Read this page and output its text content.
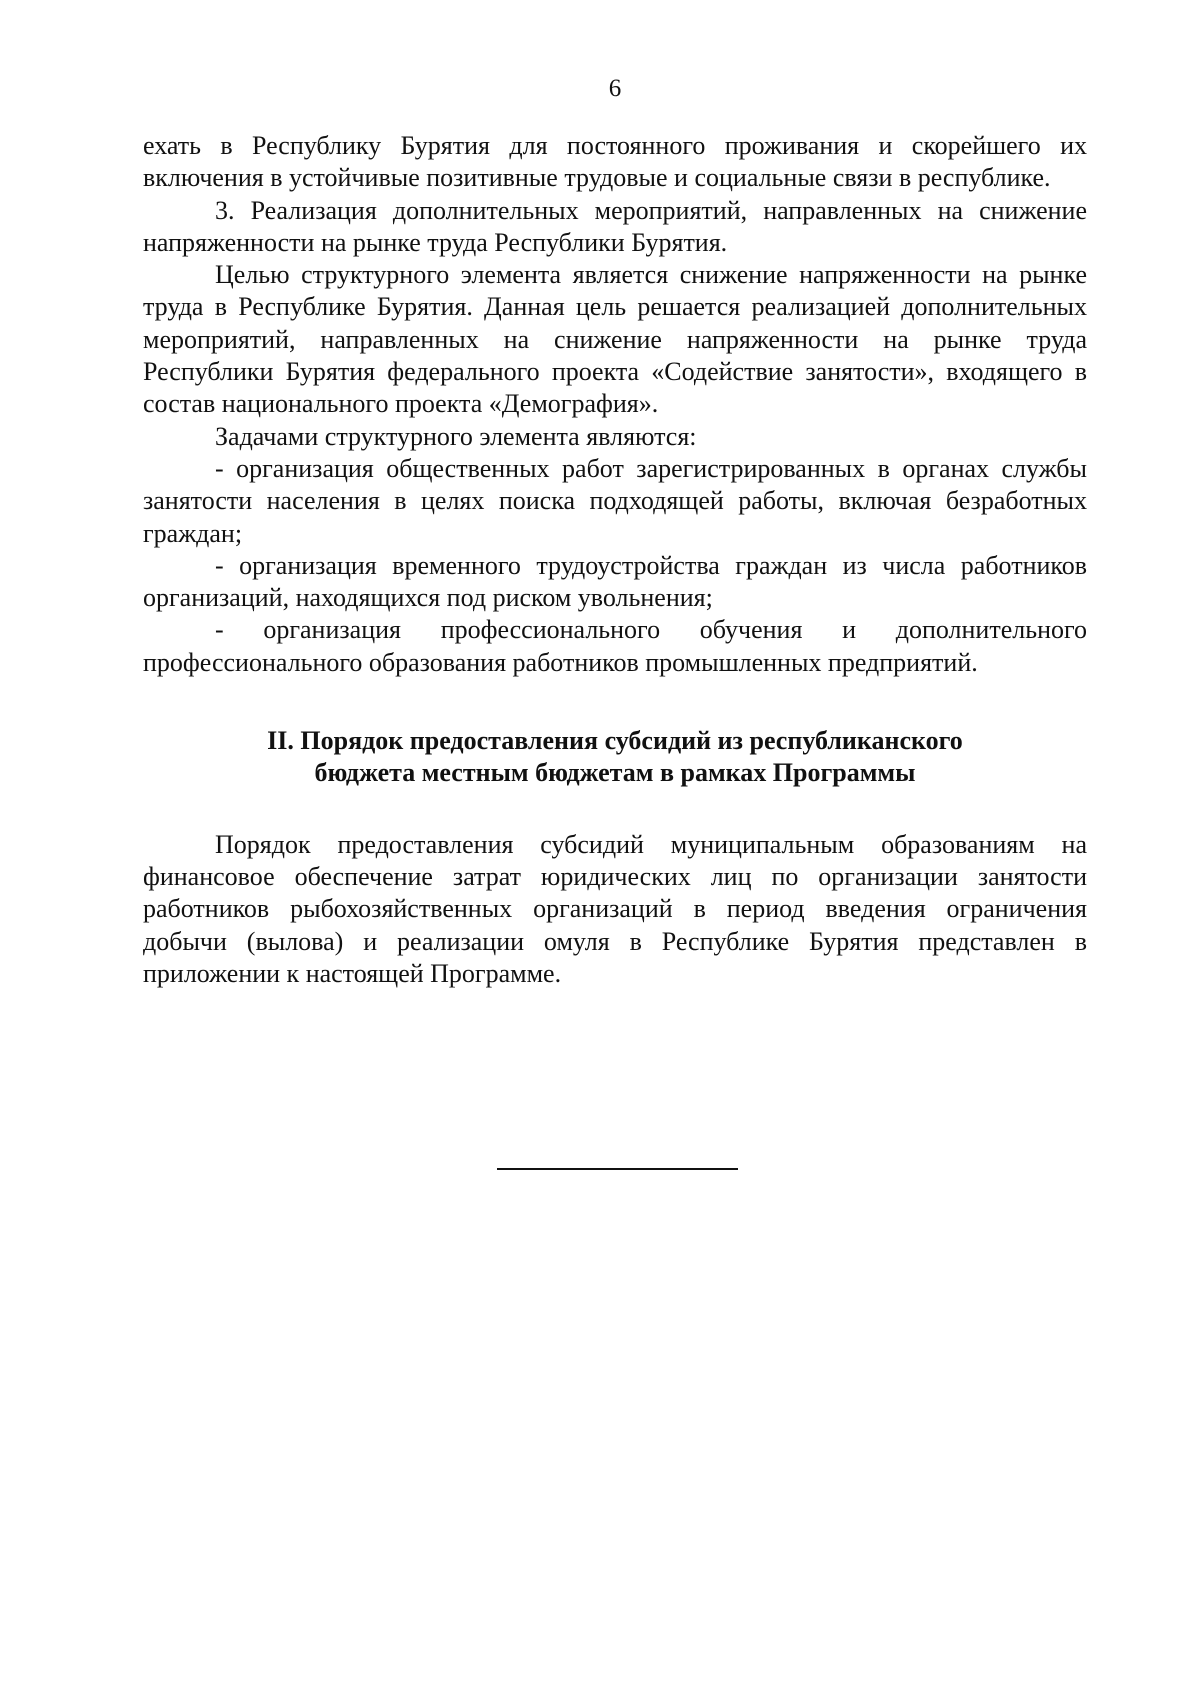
6

ехать в Республику Бурятия для постоянного проживания и скорейшего их включения в устойчивые позитивные трудовые и социальные связи в республике.

3. Реализация дополнительных мероприятий, направленных на снижение напряженности на рынке труда Республики Бурятия.

Целью структурного элемента является снижение напряженности на рынке труда в Республике Бурятия. Данная цель решается реализацией дополнительных мероприятий, направленных на снижение напряженности на рынке труда Республики Бурятия федерального проекта «Содействие занятости», входящего в состав национального проекта «Демография».

Задачами структурного элемента являются:

- организация общественных работ зарегистрированных в органах службы занятости населения в целях поиска подходящей работы, включая безработных граждан;

- организация временного трудоустройства граждан из числа работников организаций, находящихся под риском увольнения;

- организация профессионального обучения и дополнительного профессионального образования работников промышленных предприятий.

II. Порядок предоставления субсидий из республиканского
бюджета местным бюджетам в рамках Программы

Порядок предоставления субсидий муниципальным образованиям на финансовое обеспечение затрат юридических лиц по организации занятости работников рыбохозяйственных организаций в период введения ограничения добычи (вылова) и реализации омуля в Республике Бурятия представлен в приложении к настоящей Программе.
